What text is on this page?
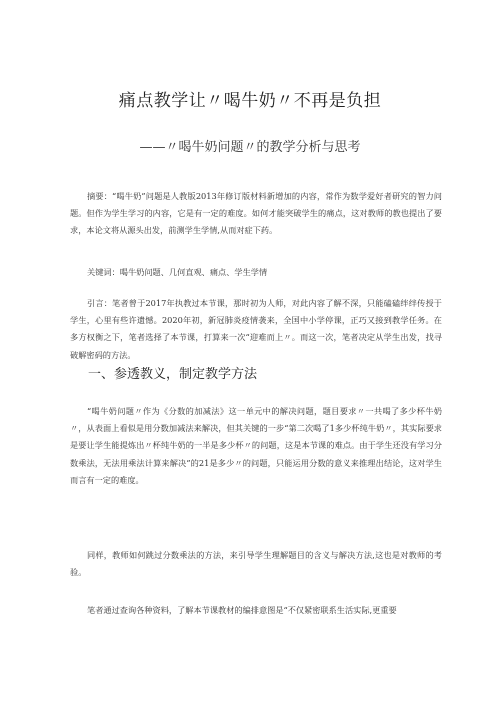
痛点教学让〃喝牛奶〃不再是负担
——〃喝牛奶问题〃的教学分析与思考

摘要：“喝牛奶”问题是人教版2013年修订版材料新增加的内容，常作为数学爱好者研究的智力问题。但作为学生学习的内容，它是有一定的难度。如何才能突破学生的痛点，这对教师的教也提出了要求，本论文将从源头出发，前测学生学情,从而对症下药。

关键词：喝牛奶问题、几何直观、痛点、学生学情

引言：笔者曾于2017年执教过本节课，那时初为人师，对此内容了解不深，只能磕磕绊绊传授于学生，心里有些许遗憾。2020年初，新冠肺炎疫情袭来，全国中小学停课，正巧又接到教学任务。在多方权衡之下，笔者选择了本节课，打算来一次“迎难而上〃。而这一次，笔者决定从学生出发，找寻破解密码的方法。

一、参透教义，制定教学方法

“喝牛奶问题〃作为《分数的加减法》这一单元中的解决问题，题目要求〃一共喝了多少杯牛奶〃，从表面上看似是用分数加减法来解决，但其关键的一步“第二次喝了1多少杯纯牛奶〃，其实际要求是要让学生能提炼出〃杯纯牛奶的一半是多少杯〃的问题，这是本节课的难点。由于学生还没有学习分数乘法，无法用乘法计算来解决”的21是多少〃的问题，只能运用分数的意义来推理出结论，这对学生而言有一定的难度。

同样，教师如何跳过分数乘法的方法，来引导学生理解题目的含义与解决方法,这也是对教师的考验。

笔者通过查询各种资料，了解本节课教材的编排意图是“不仅紧密联系生活实际,更重要
